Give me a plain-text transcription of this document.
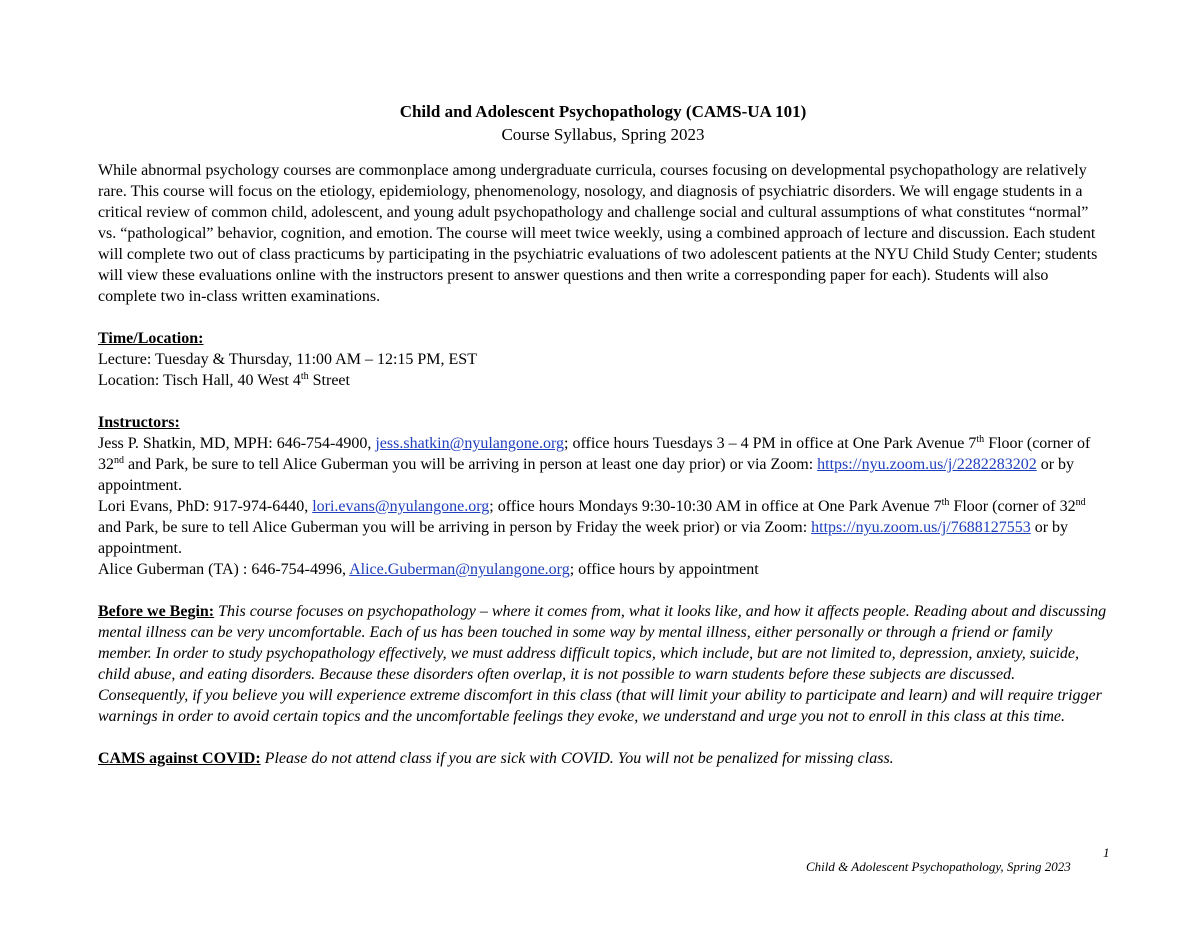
Child and Adolescent Psychopathology (CAMS-UA 101)

Course Syllabus, Spring 2023

While abnormal psychology courses are commonplace among undergraduate curricula, courses focusing on developmental psychopathology are relatively rare. This course will focus on the etiology, epidemiology, phenomenology, nosology, and diagnosis of psychiatric disorders. We will engage students in a critical review of common child, adolescent, and young adult psychopathology and challenge social and cultural assumptions of what constitutes “normal” vs. “pathological” behavior, cognition, and emotion. The course will meet twice weekly, using a combined approach of lecture and discussion. Each student will complete two out of class practicums by participating in the psychiatric evaluations of two adolescent patients at the NYU Child Study Center; students will view these evaluations online with the instructors present to answer questions and then write a corresponding paper for each). Students will also complete two in-class written examinations.

Time/Location:
Lecture: Tuesday & Thursday, 11:00 AM – 12:15 PM, EST
Location: Tisch Hall, 40 West 4th Street

Instructors:
Jess P. Shatkin, MD, MPH: 646-754-4900, jess.shatkin@nyulangone.org; office hours Tuesdays 3 – 4 PM in office at One Park Avenue 7th Floor (corner of 32nd and Park, be sure to tell Alice Guberman you will be arriving in person at least one day prior) or via Zoom: https://nyu.zoom.us/j/2282283202 or by appointment.
Lori Evans, PhD: 917-974-6440, lori.evans@nyulangone.org; office hours Mondays 9:30-10:30 AM in office at One Park Avenue 7th Floor (corner of 32nd and Park, be sure to tell Alice Guberman you will be arriving in person by Friday the week prior) or via Zoom: https://nyu.zoom.us/j/7688127553 or by appointment.
Alice Guberman (TA) : 646-754-4996, Alice.Guberman@nyulangone.org; office hours by appointment

Before we Begin: This course focuses on psychopathology – where it comes from, what it looks like, and how it affects people. Reading about and discussing mental illness can be very uncomfortable. Each of us has been touched in some way by mental illness, either personally or through a friend or family member. In order to study psychopathology effectively, we must address difficult topics, which include, but are not limited to, depression, anxiety, suicide, child abuse, and eating disorders. Because these disorders often overlap, it is not possible to warn students before these subjects are discussed. Consequently, if you believe you will experience extreme discomfort in this class (that will limit your ability to participate and learn) and will require trigger warnings in order to avoid certain topics and the uncomfortable feelings they evoke, we understand and urge you not to enroll in this class at this time.

CAMS against COVID: Please do not attend class if you are sick with COVID. You will not be penalized for missing class.

1
Child & Adolescent Psychopathology, Spring 2023
